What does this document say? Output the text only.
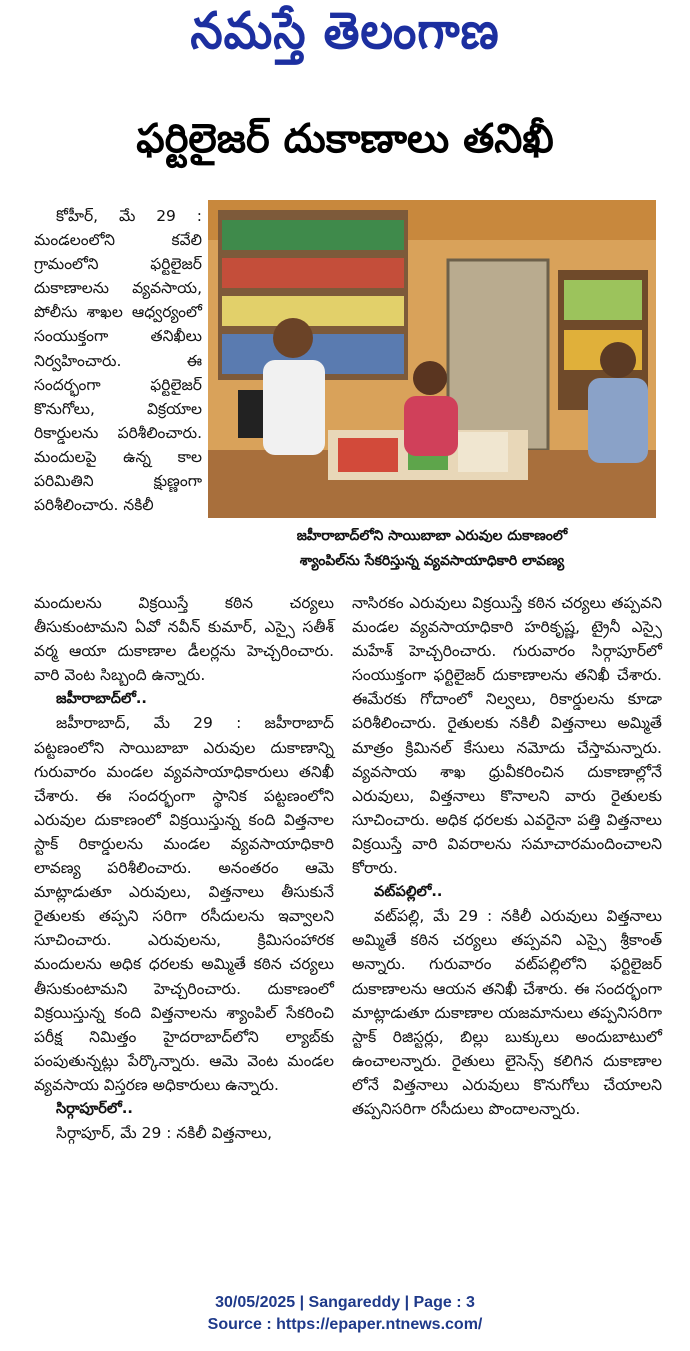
నమస్తే తెలంగాణ
ఫర్టిలైజర్ దుకాణాలు తనిఖీ

కోహీర్, మే 29 : మండలంలోని కవేలి గ్రామంలోని ఫర్టిలైజర్ దుకాణాలను వ్యవసాయ, పోలీసు శాఖల ఆధ్వర్యంలో సంయుక్తంగా తనిఖీలు నిర్వహించారు. ఈ సందర్భంగా ఫర్టిలైజర్ కొనుగోలు, విక్రయాల రికార్డులను పరిశీలించారు. మందులపై ఉన్న కాల పరిమితిని క్షుణ్ణంగా పరిశీలించారు. నకిలీ

జహీరాబాద్‌లోని సాయిబాబా ఎరువుల దుకాణంలో
శ్యాంపిల్‌ను సేకరిస్తున్న వ్యవసాయాధికారి లావణ్య

మందులను విక్రయిస్తే కఠిన చర్యలు తీసుకుంటామని ఏవో నవీన్ కుమార్, ఎస్సై సతీశ్ వర్మ ఆయా దుకాణాల డీలర్లను హెచ్చరించారు. వారి వెంట సిబ్బంది ఉన్నారు.

జహీరాబాద్‌లో..

జహీరాబాద్, మే 29 : జహీరాబాద్ పట్టణంలోని సాయిబాబా ఎరువుల దుకాణాన్ని గురువారం మండల వ్యవసాయాధికారులు తనిఖీ చేశారు. ఈ సందర్భంగా స్థానిక పట్టణంలోని ఎరువుల దుకాణంలో విక్రయిస్తున్న కంది విత్తనాల స్టాక్ రికార్డులను మండల వ్యవసాయాధికారి లావణ్య పరిశీలించారు. అనంతరం ఆమె మాట్లాడుతూ ఎరువులు, విత్తనాలు తీసుకునే రైతులకు తప్పని సరిగా రసీదులను ఇవ్వాలని సూచించారు. ఎరువులను, క్రిమిసంహారక మందులను అధిక ధరలకు అమ్మితే కఠిన చర్యలు తీసుకుంటామని హెచ్చరించారు. దుకాణంలో విక్రయిస్తున్న కంది విత్తనాలను శ్యాంపిల్ సేకరించి పరీక్ష నిమిత్తం హైదరాబాద్‌లోని ల్యాబ్‌కు పంపుతున్నట్లు పేర్కొన్నారు. ఆమె వెంట మండల వ్యవసాయ విస్తరణ అధికారులు ఉన్నారు.

సిర్గాపూర్‌లో..

సిర్గాపూర్, మే 29 : నకిలీ విత్తనాలు,

నాసిరకం ఎరువులు విక్రయిస్తే కఠిన చర్యలు తప్పవని మండల వ్యవసాయాధికారి హరికృష్ణ, ట్రైనీ ఎస్సై మహేశ్ హెచ్చరించారు. గురువారం సిర్గాపూర్‌లో సంయుక్తంగా ఫర్టిలైజర్ దుకాణాలను తనిఖీ చేశారు. ఈమేరకు గోదాంలో నిల్వలు, రికార్డులను కూడా పరిశీలించారు. రైతులకు నకిలీ విత్తనాలు అమ్మితే మాత్రం క్రిమినల్ కేసులు నమోదు చేస్తామన్నారు. వ్యవసాయ శాఖ ధ్రువీకరించిన దుకాణాల్లోనే ఎరువులు, విత్తనాలు కొనాలని వారు రైతులకు సూచించారు. అధిక ధరలకు ఎవరైనా పత్తి విత్తనాలు విక్రయిస్తే వారి వివరాలను సమాచారమందించాలని కోరారు.

వట్‌పల్లిలో..

వట్‌పల్లి, మే 29 : నకిలీ ఎరువులు విత్తనాలు అమ్మితే కఠిన చర్యలు తప్పవని ఎస్సై శ్రీకాంత్ అన్నారు. గురువారం వట్‌పల్లిలోని ఫర్టిలైజర్ దుకాణాలను ఆయన తనిఖీ చేశారు. ఈ సందర్భంగా మాట్లాడుతూ దుకాణాల యజమానులు తప్పనిసరిగా స్టాక్ రిజిస్టర్లు, బిల్లు బుక్కులు అందుబాటులో ఉంచాలన్నారు. రైతులు లైసెన్స్ కలిగిన దుకాణాల లోనే విత్తనాలు ఎరువులు కొనుగోలు చేయాలని తప్పనిసరిగా రసీదులు పొందాలన్నారు.

30/05/2025 | Sangareddy | Page : 3
Source : https://epaper.ntnews.com/
